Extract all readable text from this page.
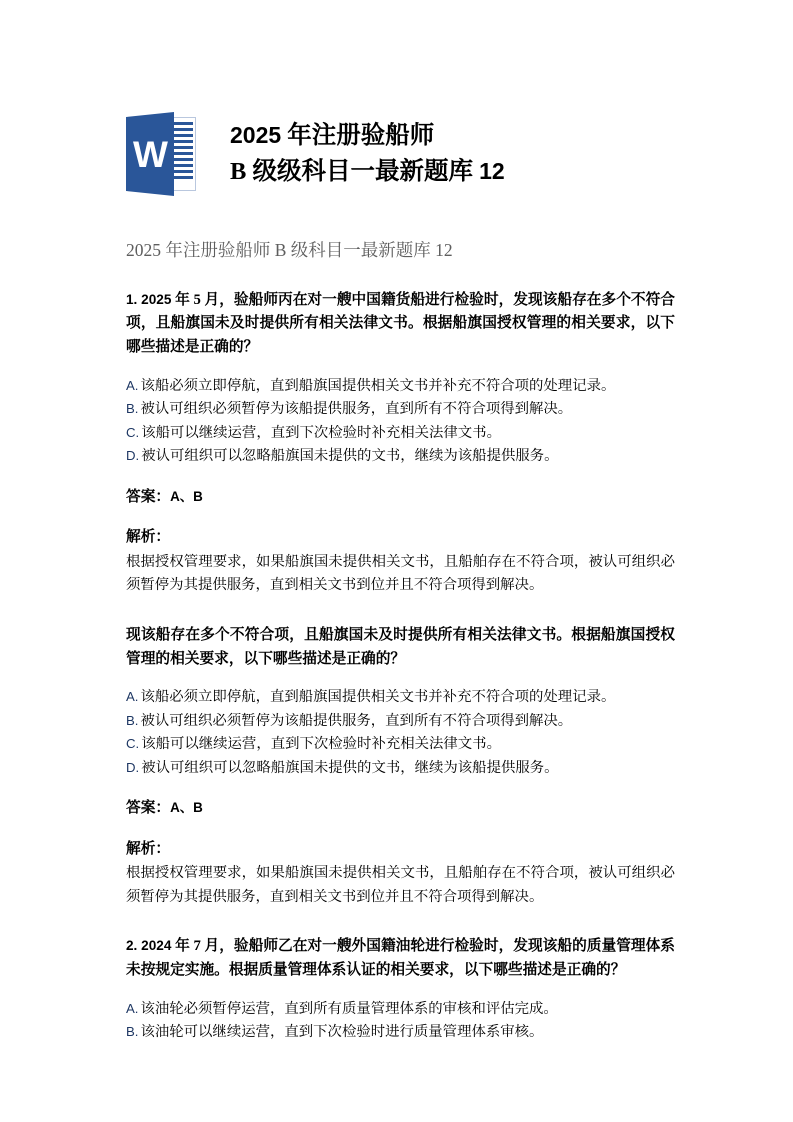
W	2025 年注册验船师
B 级级科目一最新题库 12
2025 年注册验船师 B 级科目一最新题库 12
1. 2025 年 5 月，验船师丙在对一艘中国籍货船进行检验时，发现该船存在多个不符合项，且船旗国未及时提供所有相关法律文书。根据船旗国授权管理的相关要求，以下哪些描述是正确的？
A. 该船必须立即停航，直到船旗国提供相关文书并补充不符合项的处理记录。
B. 被认可组织必须暂停为该船提供服务，直到所有不符合项得到解决。
C. 该船可以继续运营，直到下次检验时补充相关法律文书。
D. 被认可组织可以忽略船旗国未提供的文书，继续为该船提供服务。
答案：A、B
解析：
根据授权管理要求，如果船旗国未提供相关文书，且船舶存在不符合项，被认可组织必须暂停为其提供服务，直到相关文书到位并且不符合项得到解决。
现该船存在多个不符合项，且船旗国未及时提供所有相关法律文书。根据船旗国授权管理的相关要求，以下哪些描述是正确的？
A. 该船必须立即停航，直到船旗国提供相关文书并补充不符合项的处理记录。
B. 被认可组织必须暂停为该船提供服务，直到所有不符合项得到解决。
C. 该船可以继续运营，直到下次检验时补充相关法律文书。
D. 被认可组织可以忽略船旗国未提供的文书，继续为该船提供服务。
答案：A、B
解析：
根据授权管理要求，如果船旗国未提供相关文书，且船舶存在不符合项，被认可组织必须暂停为其提供服务，直到相关文书到位并且不符合项得到解决。
2. 2024 年 7 月，验船师乙在对一艘外国籍油轮进行检验时，发现该船的质量管理体系未按规定实施。根据质量管理体系认证的相关要求，以下哪些描述是正确的？
A. 该油轮必须暂停运营，直到所有质量管理体系的审核和评估完成。
B. 该油轮可以继续运营，直到下次检验时进行质量管理体系审核。
